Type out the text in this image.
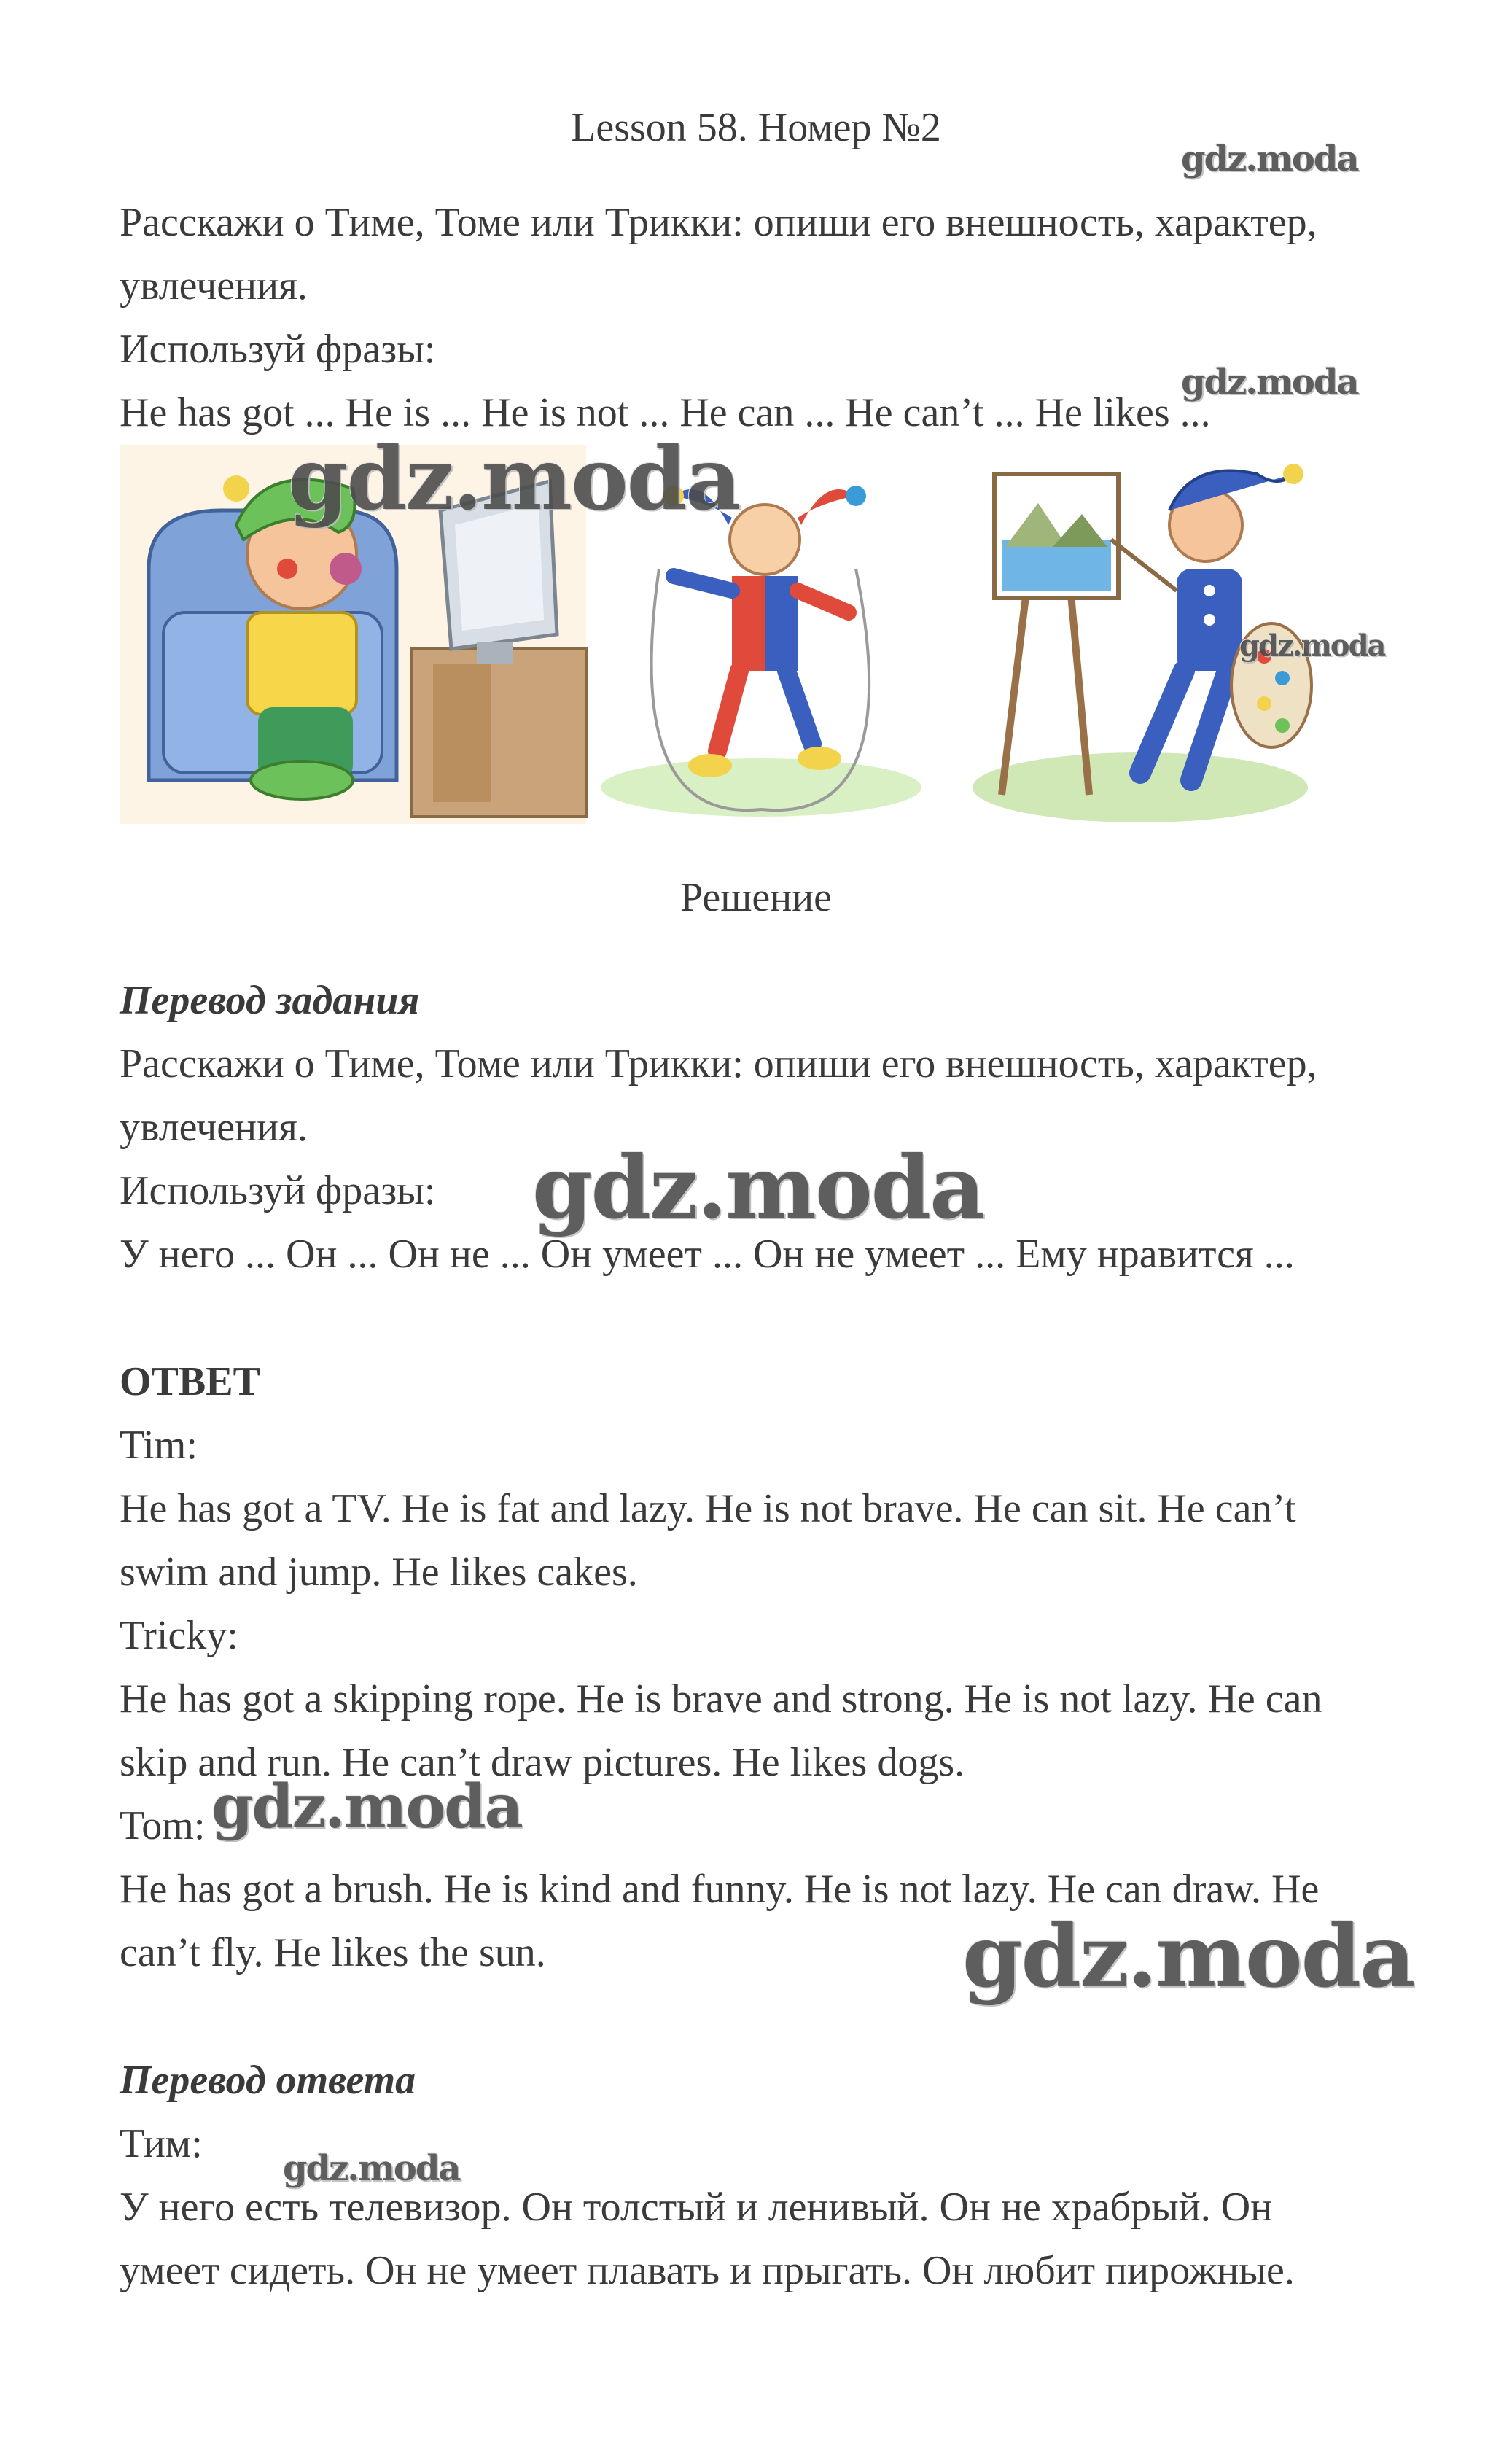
Lesson 58. Номер №2

Расскажи о Тиме, Томе или Трикки: опиши его внешность, характер,

увлечения.

Используй фразы:

He has got ... He is ... He is not ... He can ... He can’t ... He likes ...

Решение

Перевод задания

Расскажи о Тиме, Томе или Трикки: опиши его внешность, характер,

увлечения.

Используй фразы:

У него ... Он ... Он не ... Он умеет ... Он не умеет ... Ему нравится ...

ОТВЕТ

Tim:

He has got a TV. He is fat and lazy. He is not brave. He can sit. He can’t

swim and jump. He likes cakes.

Tricky:

He has got a skipping rope. He is brave and strong. He is not lazy. He can

skip and run. He can’t draw pictures. He likes dogs.

Tom:

He has got a brush. He is kind and funny. He is not lazy. He can draw. He

can’t fly. He likes the sun.

Перевод ответа

Тим:

У него есть телевизор. Он толстый и ленивый. Он не храбрый. Он

умеет сидеть. Он не умеет плавать и прыгать. Он любит пирожные.

gdz.moda
gdz.moda
gdz.moda
gdz.moda
gdz.moda
gdz.moda
gdz.moda
gdz.moda
